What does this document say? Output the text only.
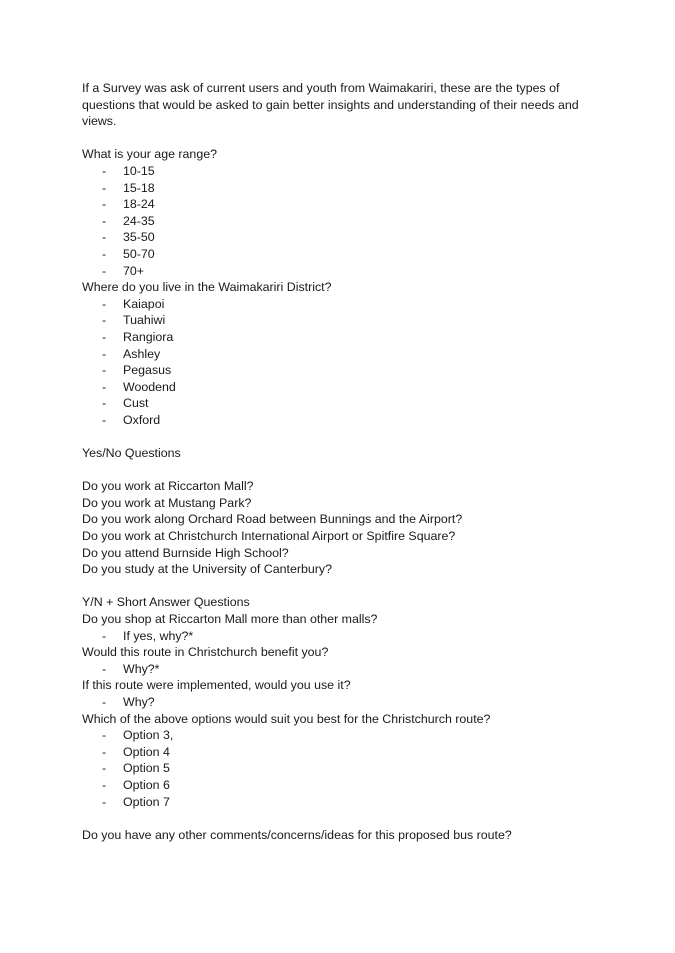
If a Survey was ask of current users and youth from Waimakariri, these are the types of questions that would be asked to gain better insights and understanding of their needs and views.
What is your age range?
- 10-15
- 15-18
- 18-24
- 24-35
- 35-50
- 50-70
- 70+
Where do you live in the Waimakariri District?
- Kaiapoi
- Tuahiwi
- Rangiora
- Ashley
- Pegasus
- Woodend
- Cust
- Oxford
Yes/No Questions
Do you work at Riccarton Mall?
Do you work at Mustang Park?
Do you work along Orchard Road between Bunnings and the Airport?
Do you work at Christchurch International Airport or Spitfire Square?
Do you attend Burnside High School?
Do you study at the University of Canterbury?
Y/N + Short Answer Questions
Do you shop at Riccarton Mall more than other malls?
- If yes, why?*
Would this route in Christchurch benefit you?
- Why?*
If this route were implemented, would you use it?
- Why?
Which of the above options would suit you best for the Christchurch route?
- Option 3,
- Option 4
- Option 5
- Option 6
- Option 7
Do you have any other comments/concerns/ideas for this proposed bus route?
